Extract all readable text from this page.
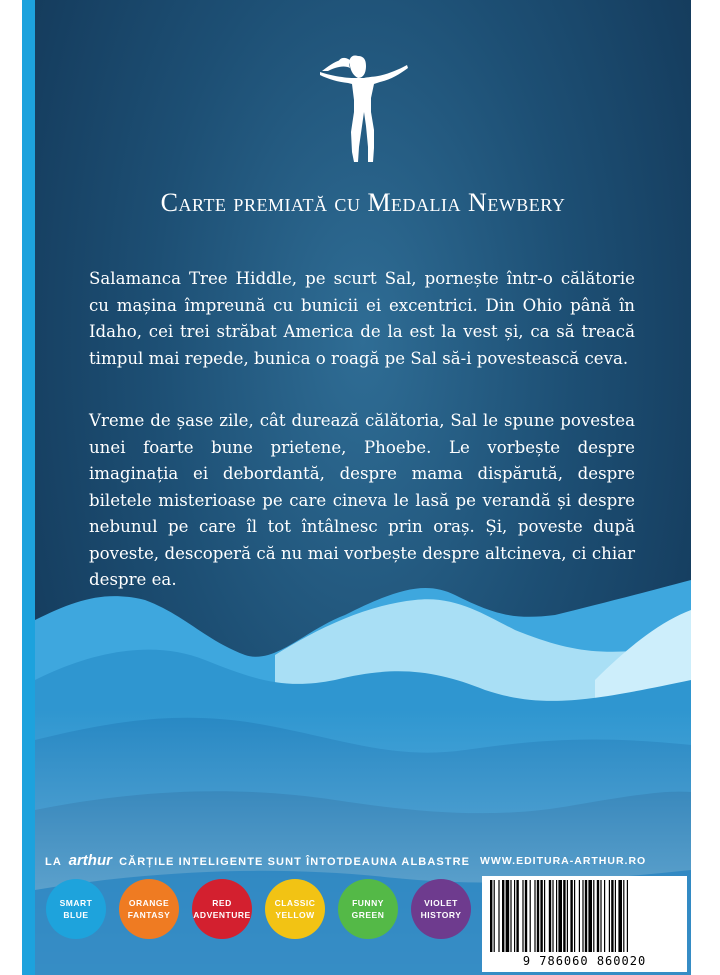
Carte premiată cu Medalia Newbery

Salamanca Tree Hiddle, pe scurt Sal, pornește într-o călătorie cu mașina împreună cu bunicii ei excentrici. Din Ohio până în Idaho, cei trei străbat America de la est la vest și, ca să treacă timpul mai repede, bunica o roagă pe Sal să-i povestească ceva.

Vreme de șase zile, cât durează călătoria, Sal le spune povestea unei foarte bune prietene, Phoebe. Le vorbește despre imaginația ei debordantă, despre mama dispărută, despre biletele misterioase pe care cineva le lasă pe verandă și despre nebunul pe care îl tot întâlnesc prin oraș. Și, poveste după poveste, descoperă că nu mai vorbește despre altcineva, ci chiar despre ea.

LA arthur CĂRȚILE INTELIGENTE SUNT ÎNTOTDEAUNA ALBASTRE WWW.EDITURA-ARTHUR.RO
SMART
BLUE
ORANGE
FANTASY
RED
ADVENTURE
CLASSIC
YELLOW
FUNNY
GREEN
VIOLET
HISTORY
9 786060 860020
